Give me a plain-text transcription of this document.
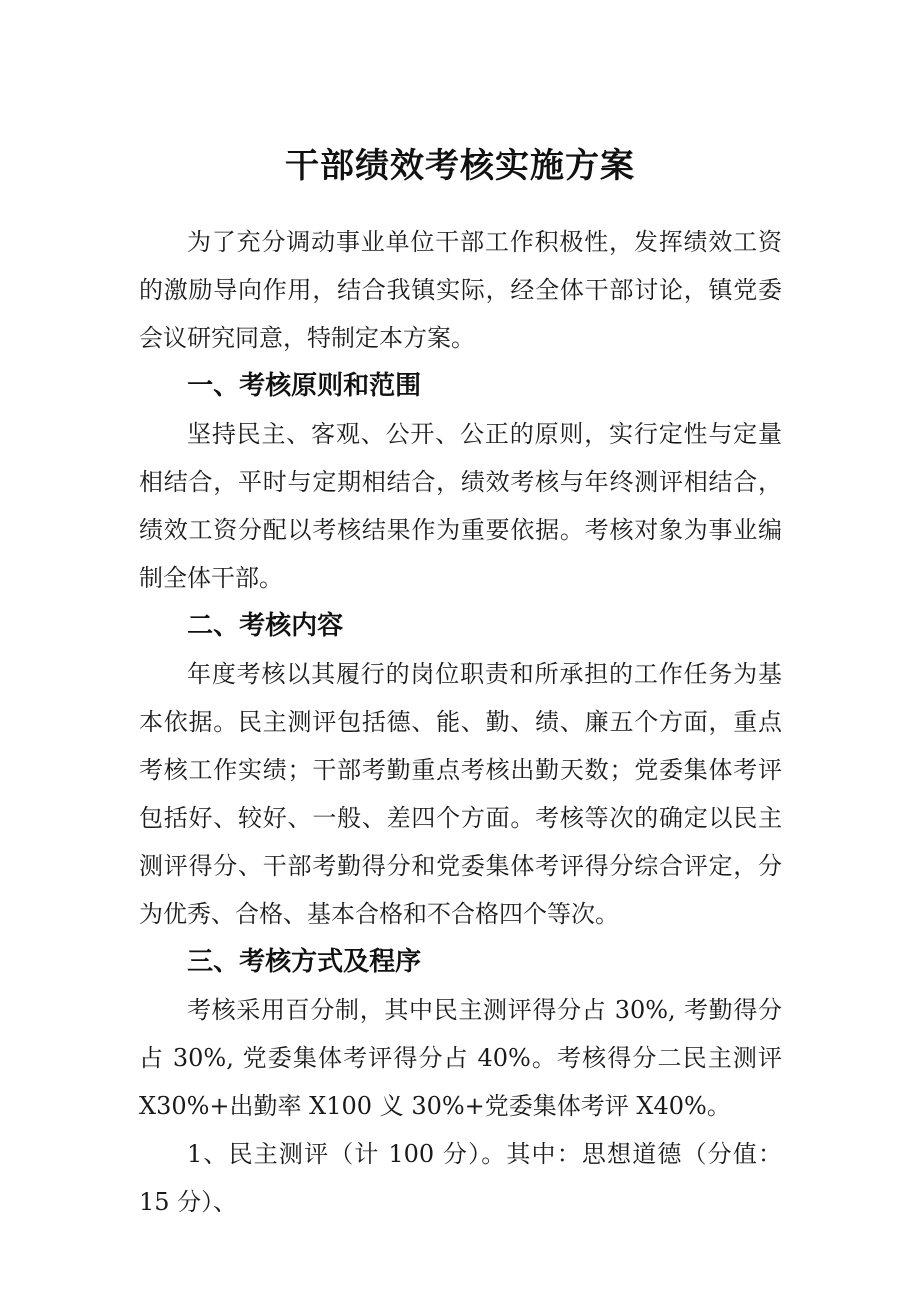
干部绩效考核实施方案

为了充分调动事业单位干部工作积极性，发挥绩效工资的激励导向作用，结合我镇实际，经全体干部讨论，镇党委会议研究同意，特制定本方案。

一、考核原则和范围

坚持民主、客观、公开、公正的原则，实行定性与定量相结合，平时与定期相结合，绩效考核与年终测评相结合，绩效工资分配以考核结果作为重要依据。考核对象为事业编制全体干部。

二、考核内容

年度考核以其履行的岗位职责和所承担的工作任务为基本依据。民主测评包括德、能、勤、绩、廉五个方面，重点考核工作实绩；干部考勤重点考核出勤天数；党委集体考评包括好、较好、一般、差四个方面。考核等次的确定以民主测评得分、干部考勤得分和党委集体考评得分综合评定，分为优秀、合格、基本合格和不合格四个等次。

三、考核方式及程序

考核采用百分制，其中民主测评得分占 30%, 考勤得分占 30%, 党委集体考评得分占 40%。考核得分二民主测评 X30%+出勤率 X100 义 30%+党委集体考评 X40%。

1、民主测评（计 100 分）。其中：思想道德（分值：15 分）、
